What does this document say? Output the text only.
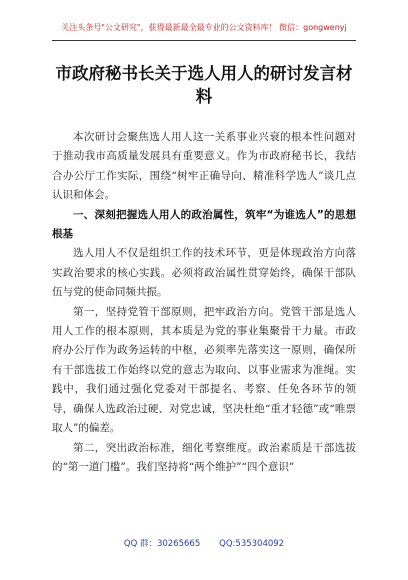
关注头条号"公文研究"，获得最新最全最专业的公文资料库！ 微信：gongwenyj
市政府秘书长关于选人用人的研讨发言材料

本次研讨会聚焦选人用人这一关系事业兴衰的根本性问题对于推动我市高质量发展具有重要意义。作为市政府秘书长，我结合办公厅工作实际，围绕“树牢正确导向、精准科学选人”谈几点认识和体会。

一、深刻把握选人用人的政治属性，筑牢“为谁选人”的思想根基

选人用人不仅是组织工作的技术环节，更是体现政治方向落实政治要求的核心实践。必须将政治属性贯穿始终，确保干部队伍与党的使命同频共振。

第一，坚持党管干部原则，把牢政治方向。党管干部是选人用人工作的根本原则，其本质是为党的事业集聚骨干力量。市政府办公厅作为政务运转的中枢，必须率先落实这一原则，确保所有干部选拔工作始终以党的意志为取向、以事业需求为准绳。实践中，我们通过强化党委对干部提名、考察、任免各环节的领导，确保人选政治过硬、对党忠诚，坚决杜绝“重才轻德”或“唯票取人”的偏差。

第二，突出政治标准，细化考察维度。政治素质是干部选拔的“第一道门槛”。我们坚持将“两个维护”“四个意识”

QQ 群：30265665       QQ:535304092
